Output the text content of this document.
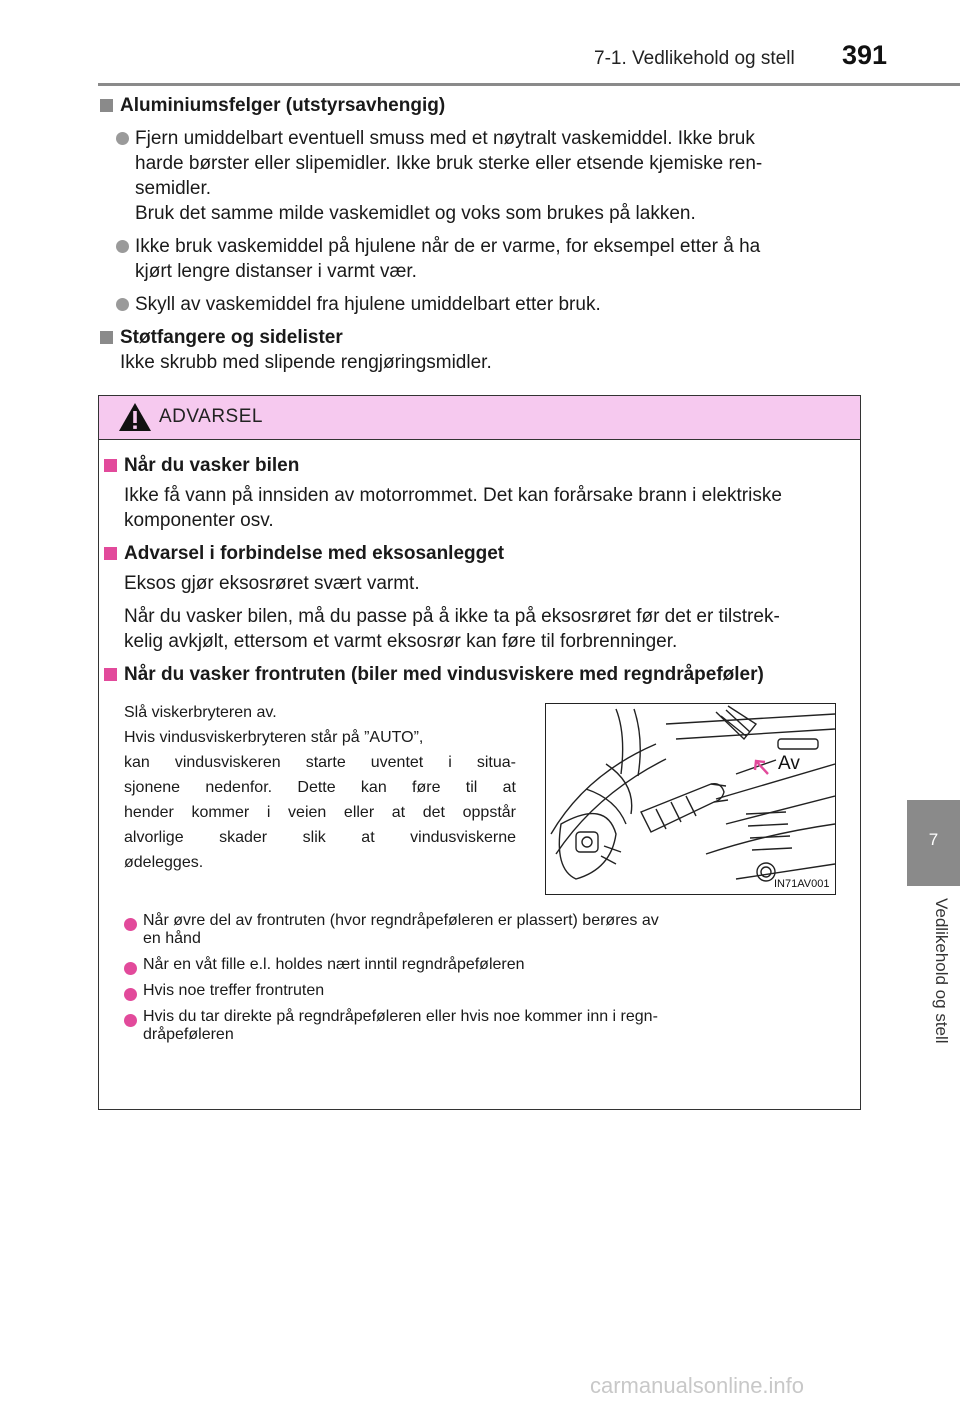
7-1. Vedlikehold og stell 391
7
Vedlikehold og stell
Aluminiumsfelger (utstyrsavhengig)
Fjern umiddelbart eventuell smuss med et nøytralt vaskemiddel. Ikke bruk
harde børster eller slipemidler. Ikke bruk sterke eller etsende kjemiske ren-
semidler.
Bruk det samme milde vaskemidlet og voks som brukes på lakken.
Ikke bruk vaskemiddel på hjulene når de er varme, for eksempel etter å ha
kjørt lengre distanser i varmt vær.
Skyll av vaskemiddel fra hjulene umiddelbart etter bruk.
Støtfangere og sidelister
Ikke skrubb med slipende rengjøringsmidler.
ADVARSEL
Når du vasker bilen
Ikke få vann på innsiden av motorrommet. Det kan forårsake brann i elektriske
komponenter osv.
Advarsel i forbindelse med eksosanlegget
Eksos gjør eksosrøret svært varmt.
Når du vasker bilen, må du passe på å ikke ta på eksosrøret før det er tilstrek-
kelig avkjølt, ettersom et varmt eksosrør kan føre til forbrenninger.
Når du vasker frontruten (biler med vindusviskere med regndråpeføler)
Slå viskerbryteren av.
Hvis vindusviskerbryteren står på ”AUTO”,
kan vindusviskeren starte uventet i situa-
sjonene nedenfor. Dette kan føre til at
hender kommer i veien eller at det oppstår
alvorlige skader slik at vindusviskerne
ødelegges.
Av
IN71AV001
Når øvre del av frontruten (hvor regndråpeføleren er plassert) berøres av
en hånd
Når en våt fille e.l. holdes nært inntil regndråpeføleren
Hvis noe treffer frontruten
Hvis du tar direkte på regndråpeføleren eller hvis noe kommer inn i regn-
dråpeføleren
carmanualsonline.info
